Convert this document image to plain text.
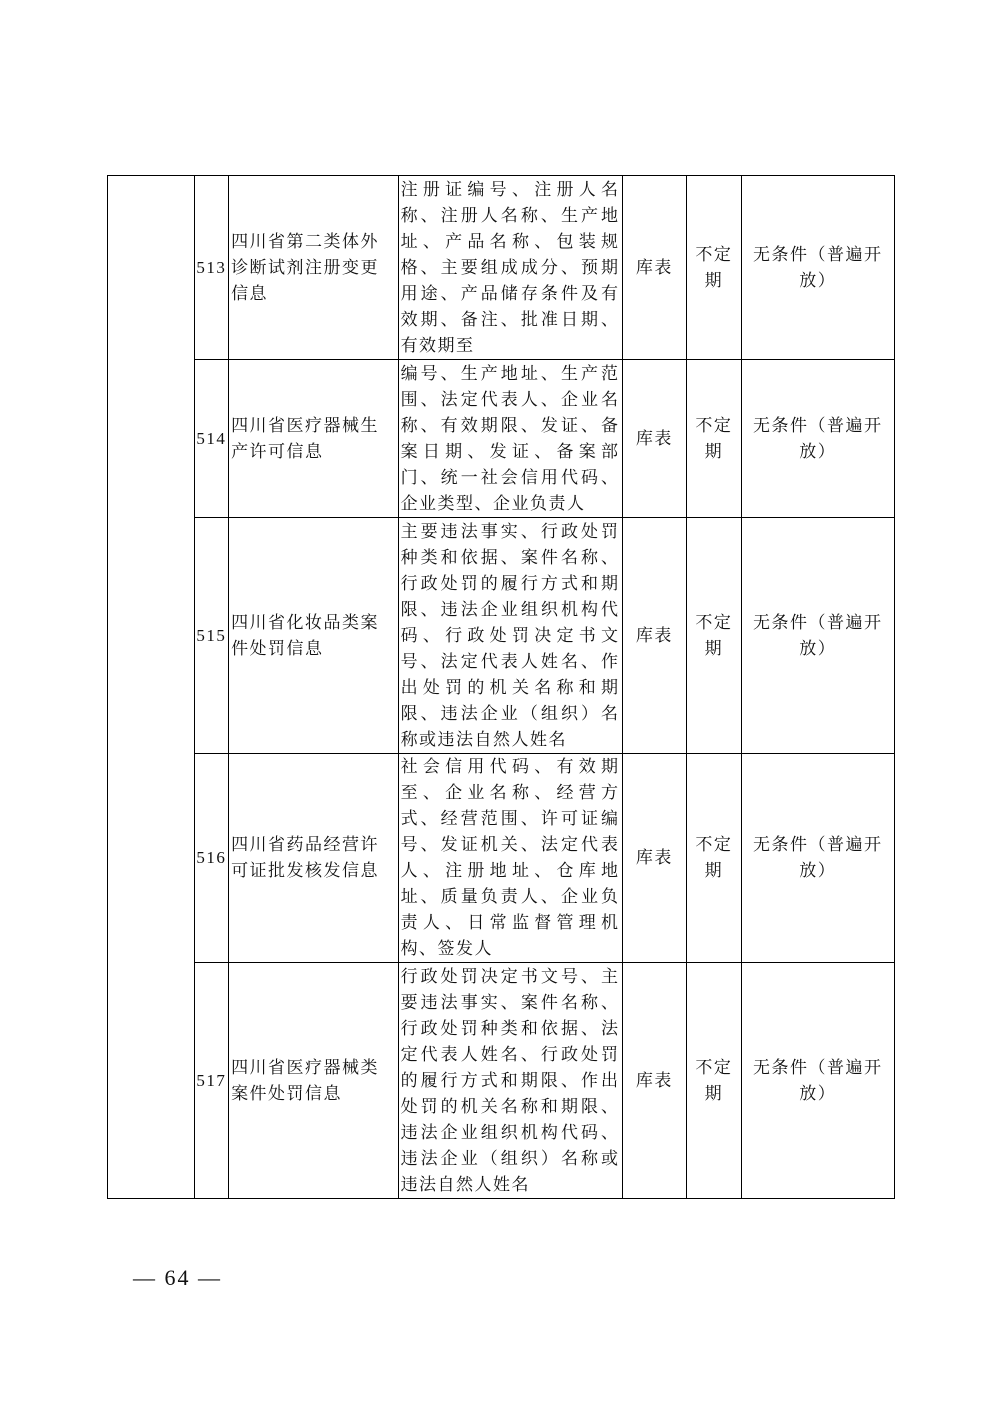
	513	四川省第二类体外诊断试剂注册变更信息	注册证编号、注册人名称、注册人名称、生产地址、产品名称、包装规格、主要组成成分、预期用途、产品储存条件及有效期、备注、批准日期、有效期至	库表	不定期	无条件（普遍开放）
	514	四川省医疗器械生产许可信息	编号、生产地址、生产范围、法定代表人、企业名称、有效期限、发证、备案日期、发证、备案部门、统一社会信用代码、企业类型、企业负责人	库表	不定期	无条件（普遍开放）
	515	四川省化妆品类案件处罚信息	主要违法事实、行政处罚种类和依据、案件名称、行政处罚的履行方式和期限、违法企业组织机构代码、行政处罚决定书文号、法定代表人姓名、作出处罚的机关名称和期限、违法企业（组织）名称或违法自然人姓名	库表	不定期	无条件（普遍开放）
	516	四川省药品经营许可证批发核发信息	社会信用代码、有效期至、企业名称、经营方式、经营范围、许可证编号、发证机关、法定代表人、注册地址、仓库地址、质量负责人、企业负责人、日常监督管理机构、签发人	库表	不定期	无条件（普遍开放）
	517	四川省医疗器械类案件处罚信息	行政处罚决定书文号、主要违法事实、案件名称、行政处罚种类和依据、法定代表人姓名、行政处罚的履行方式和期限、作出处罚的机关名称和期限、违法企业组织机构代码、违法企业（组织）名称或违法自然人姓名	库表	不定期	无条件（普遍开放）
— 64 —
